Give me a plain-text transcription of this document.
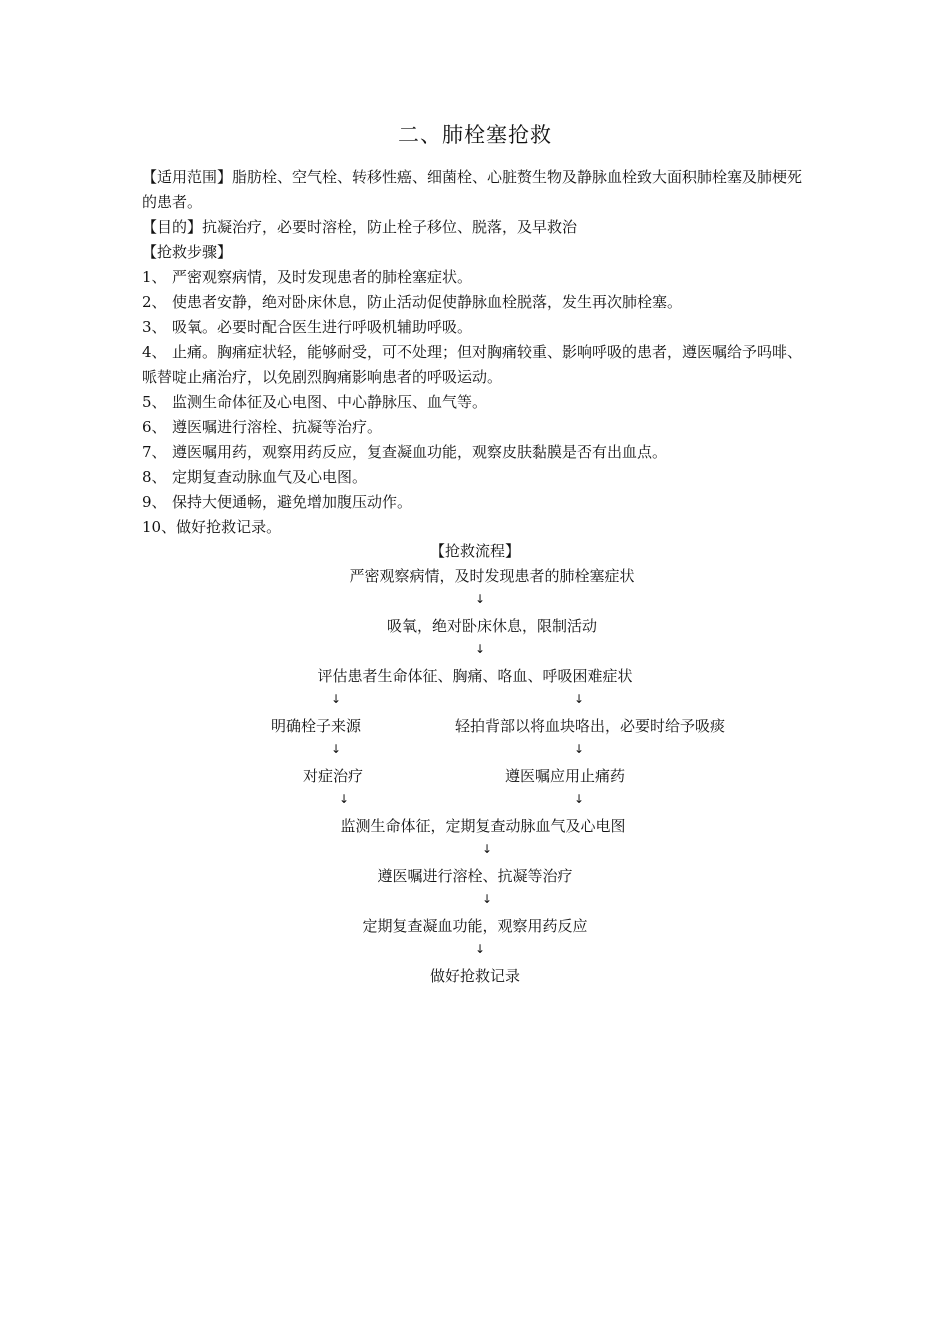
二、肺栓塞抢救

【适用范围】脂肪栓、空气栓、转移性癌、细菌栓、心脏赘生物及静脉血栓致大面积肺栓塞及肺梗死的患者。

【目的】抗凝治疗，必要时溶栓，防止栓子移位、脱落，及早救治

【抢救步骤】

1、 严密观察病情，及时发现患者的肺栓塞症状。

2、 使患者安静，绝对卧床休息，防止活动促使静脉血栓脱落，发生再次肺栓塞。

3、 吸氧。必要时配合医生进行呼吸机辅助呼吸。

4、 止痛。胸痛症状轻，能够耐受，可不处理；但对胸痛较重、影响呼吸的患者，遵医嘱给予吗啡、哌替啶止痛治疗，以免剧烈胸痛影响患者的呼吸运动。

5、 监测生命体征及心电图、中心静脉压、血气等。

6、 遵医嘱进行溶栓、抗凝等治疗。

7、 遵医嘱用药，观察用药反应，复查凝血功能，观察皮肤黏膜是否有出血点。

8、 定期复查动脉血气及心电图。

9、 保持大便通畅，避免增加腹压动作。

10、做好抢救记录。

【抢救流程】
严密观察病情，及时发现患者的肺栓塞症状
↓
吸氧，绝对卧床休息，限制活动
↓
评估患者生命体征、胸痛、咯血、呼吸困难症状
↓	↓
明确栓子来源	轻拍背部以将血块咯出，必要时给予吸痰
↓	↓
对症治疗	遵医嘱应用止痛药
↓	↓
监测生命体征，定期复查动脉血气及心电图
↓
遵医嘱进行溶栓、抗凝等治疗
↓
定期复查凝血功能，观察用药反应
↓
做好抢救记录
